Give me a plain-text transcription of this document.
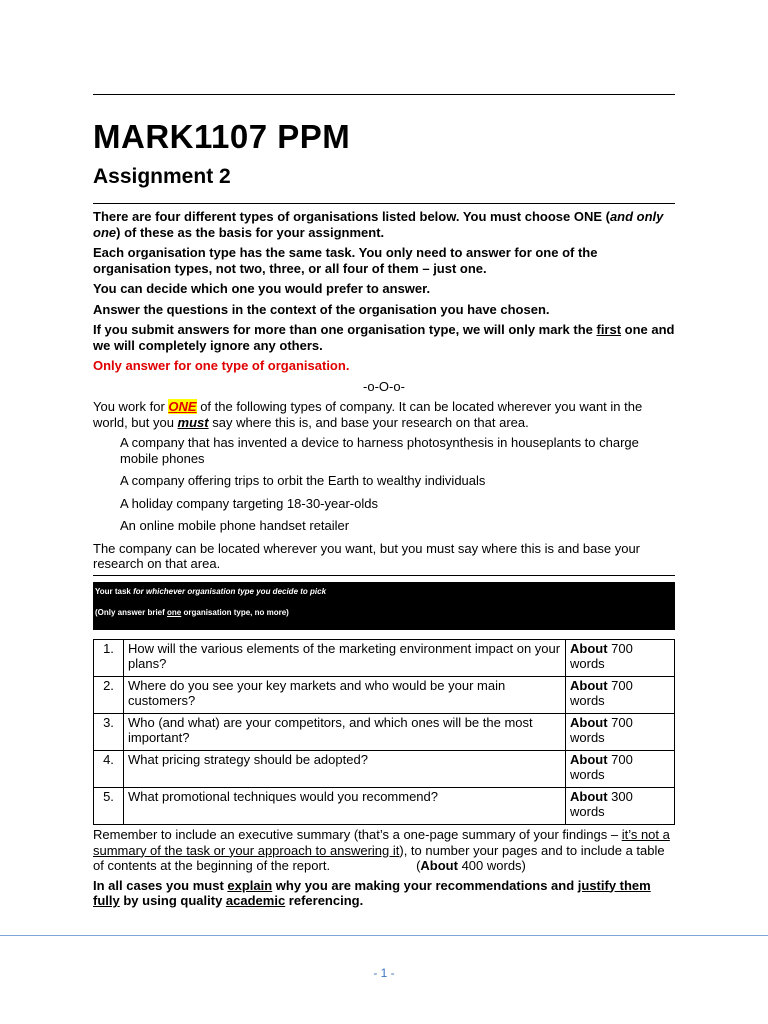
MARK1107 PPM
Assignment 2

There are four different types of organisations listed below. You must choose ONE (and only one) of these as the basis for your assignment.

Each organisation type has the same task. You only need to answer for one of the organisation types, not two, three, or all four of them – just one.

You can decide which one you would prefer to answer.

Answer the questions in the context of the organisation you have chosen.

If you submit answers for more than one organisation type, we will only mark the first one and we will completely ignore any others.

Only answer for one type of organisation.

-o-O-o-

You work for ONE of the following types of company. It can be located wherever you want in the world, but you must say where this is, and base your research on that area.

A company that has invented a device to harness photosynthesis in houseplants to charge mobile phones

A company offering trips to orbit the Earth to wealthy individuals

A holiday company targeting 18-30-year-olds

An online mobile phone handset retailer

The company can be located wherever you want, but you must say where this is and base your research on that area.

Your task for whichever organisation type you decide to pick
(Only answer brief one organisation type, no more)
1.	How will the various elements of the marketing environment impact on your plans?	About 700 words
2.	Where do you see your key markets and who would be your main customers?	About 700 words
3.	Who (and what) are your competitors, and which ones will be the most important?	About 700 words
4.	What pricing strategy should be adopted?	About 700 words
5.	What promotional techniques would you recommend?	About 300 words

Remember to include an executive summary (that’s a one-page summary of your findings – it’s not a summary of the task or your approach to answering it), to number your pages and to include a table of contents at the beginning of the report.	(About 400 words)

In all cases you must explain why you are making your recommendations and justify them fully by using quality academic referencing.

- 1 -
